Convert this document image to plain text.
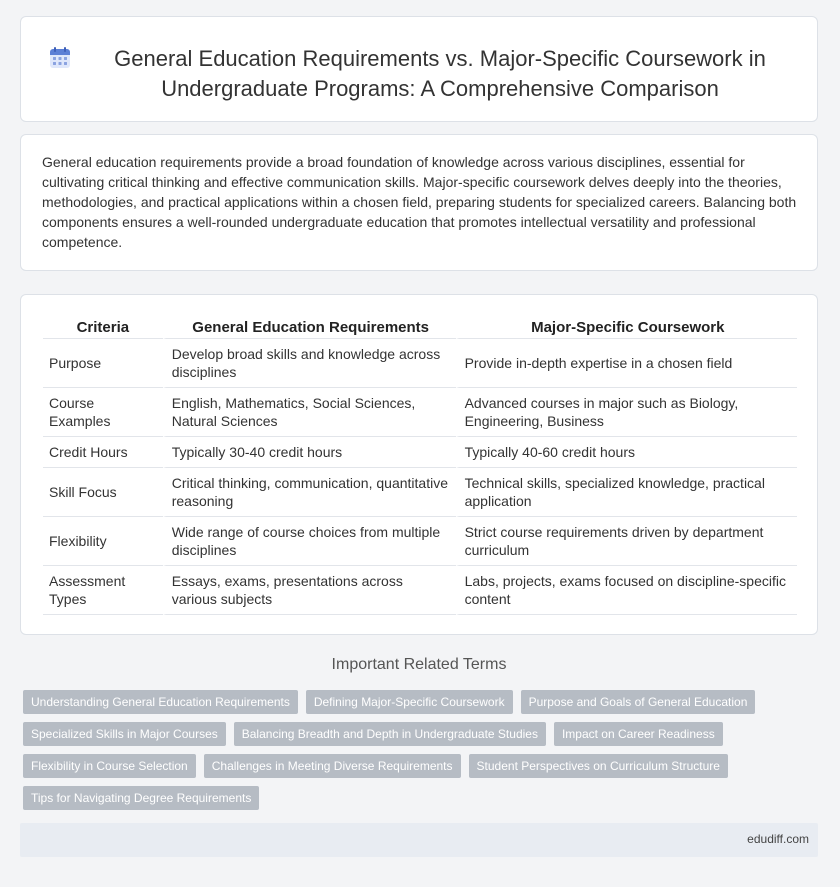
General Education Requirements vs. Major-Specific Coursework in Undergraduate Programs: A Comprehensive Comparison

General education requirements provide a broad foundation of knowledge across various disciplines, essential for cultivating critical thinking and effective communication skills. Major-specific coursework delves deeply into the theories, methodologies, and practical applications within a chosen field, preparing students for specialized careers. Balancing both components ensures a well-rounded undergraduate education that promotes intellectual versatility and professional competence.

Criteria	General Education Requirements	Major-Specific Coursework
Purpose	Develop broad skills and knowledge across disciplines	Provide in-depth expertise in a chosen field
Course Examples	English, Mathematics, Social Sciences, Natural Sciences	Advanced courses in major such as Biology, Engineering, Business
Credit Hours	Typically 30-40 credit hours	Typically 40-60 credit hours
Skill Focus	Critical thinking, communication, quantitative reasoning	Technical skills, specialized knowledge, practical application
Flexibility	Wide range of course choices from multiple disciplines	Strict course requirements driven by department curriculum
Assessment Types	Essays, exams, presentations across various subjects	Labs, projects, exams focused on discipline-specific content
Important Related Terms
Understanding General Education Requirements	Defining Major-Specific Coursework	Purpose and Goals of General Education
Specialized Skills in Major Courses	Balancing Breadth and Depth in Undergraduate Studies	Impact on Career Readiness
Flexibility in Course Selection	Challenges in Meeting Diverse Requirements	Student Perspectives on Curriculum Structure
Tips for Navigating Degree Requirements
edudiff.com
